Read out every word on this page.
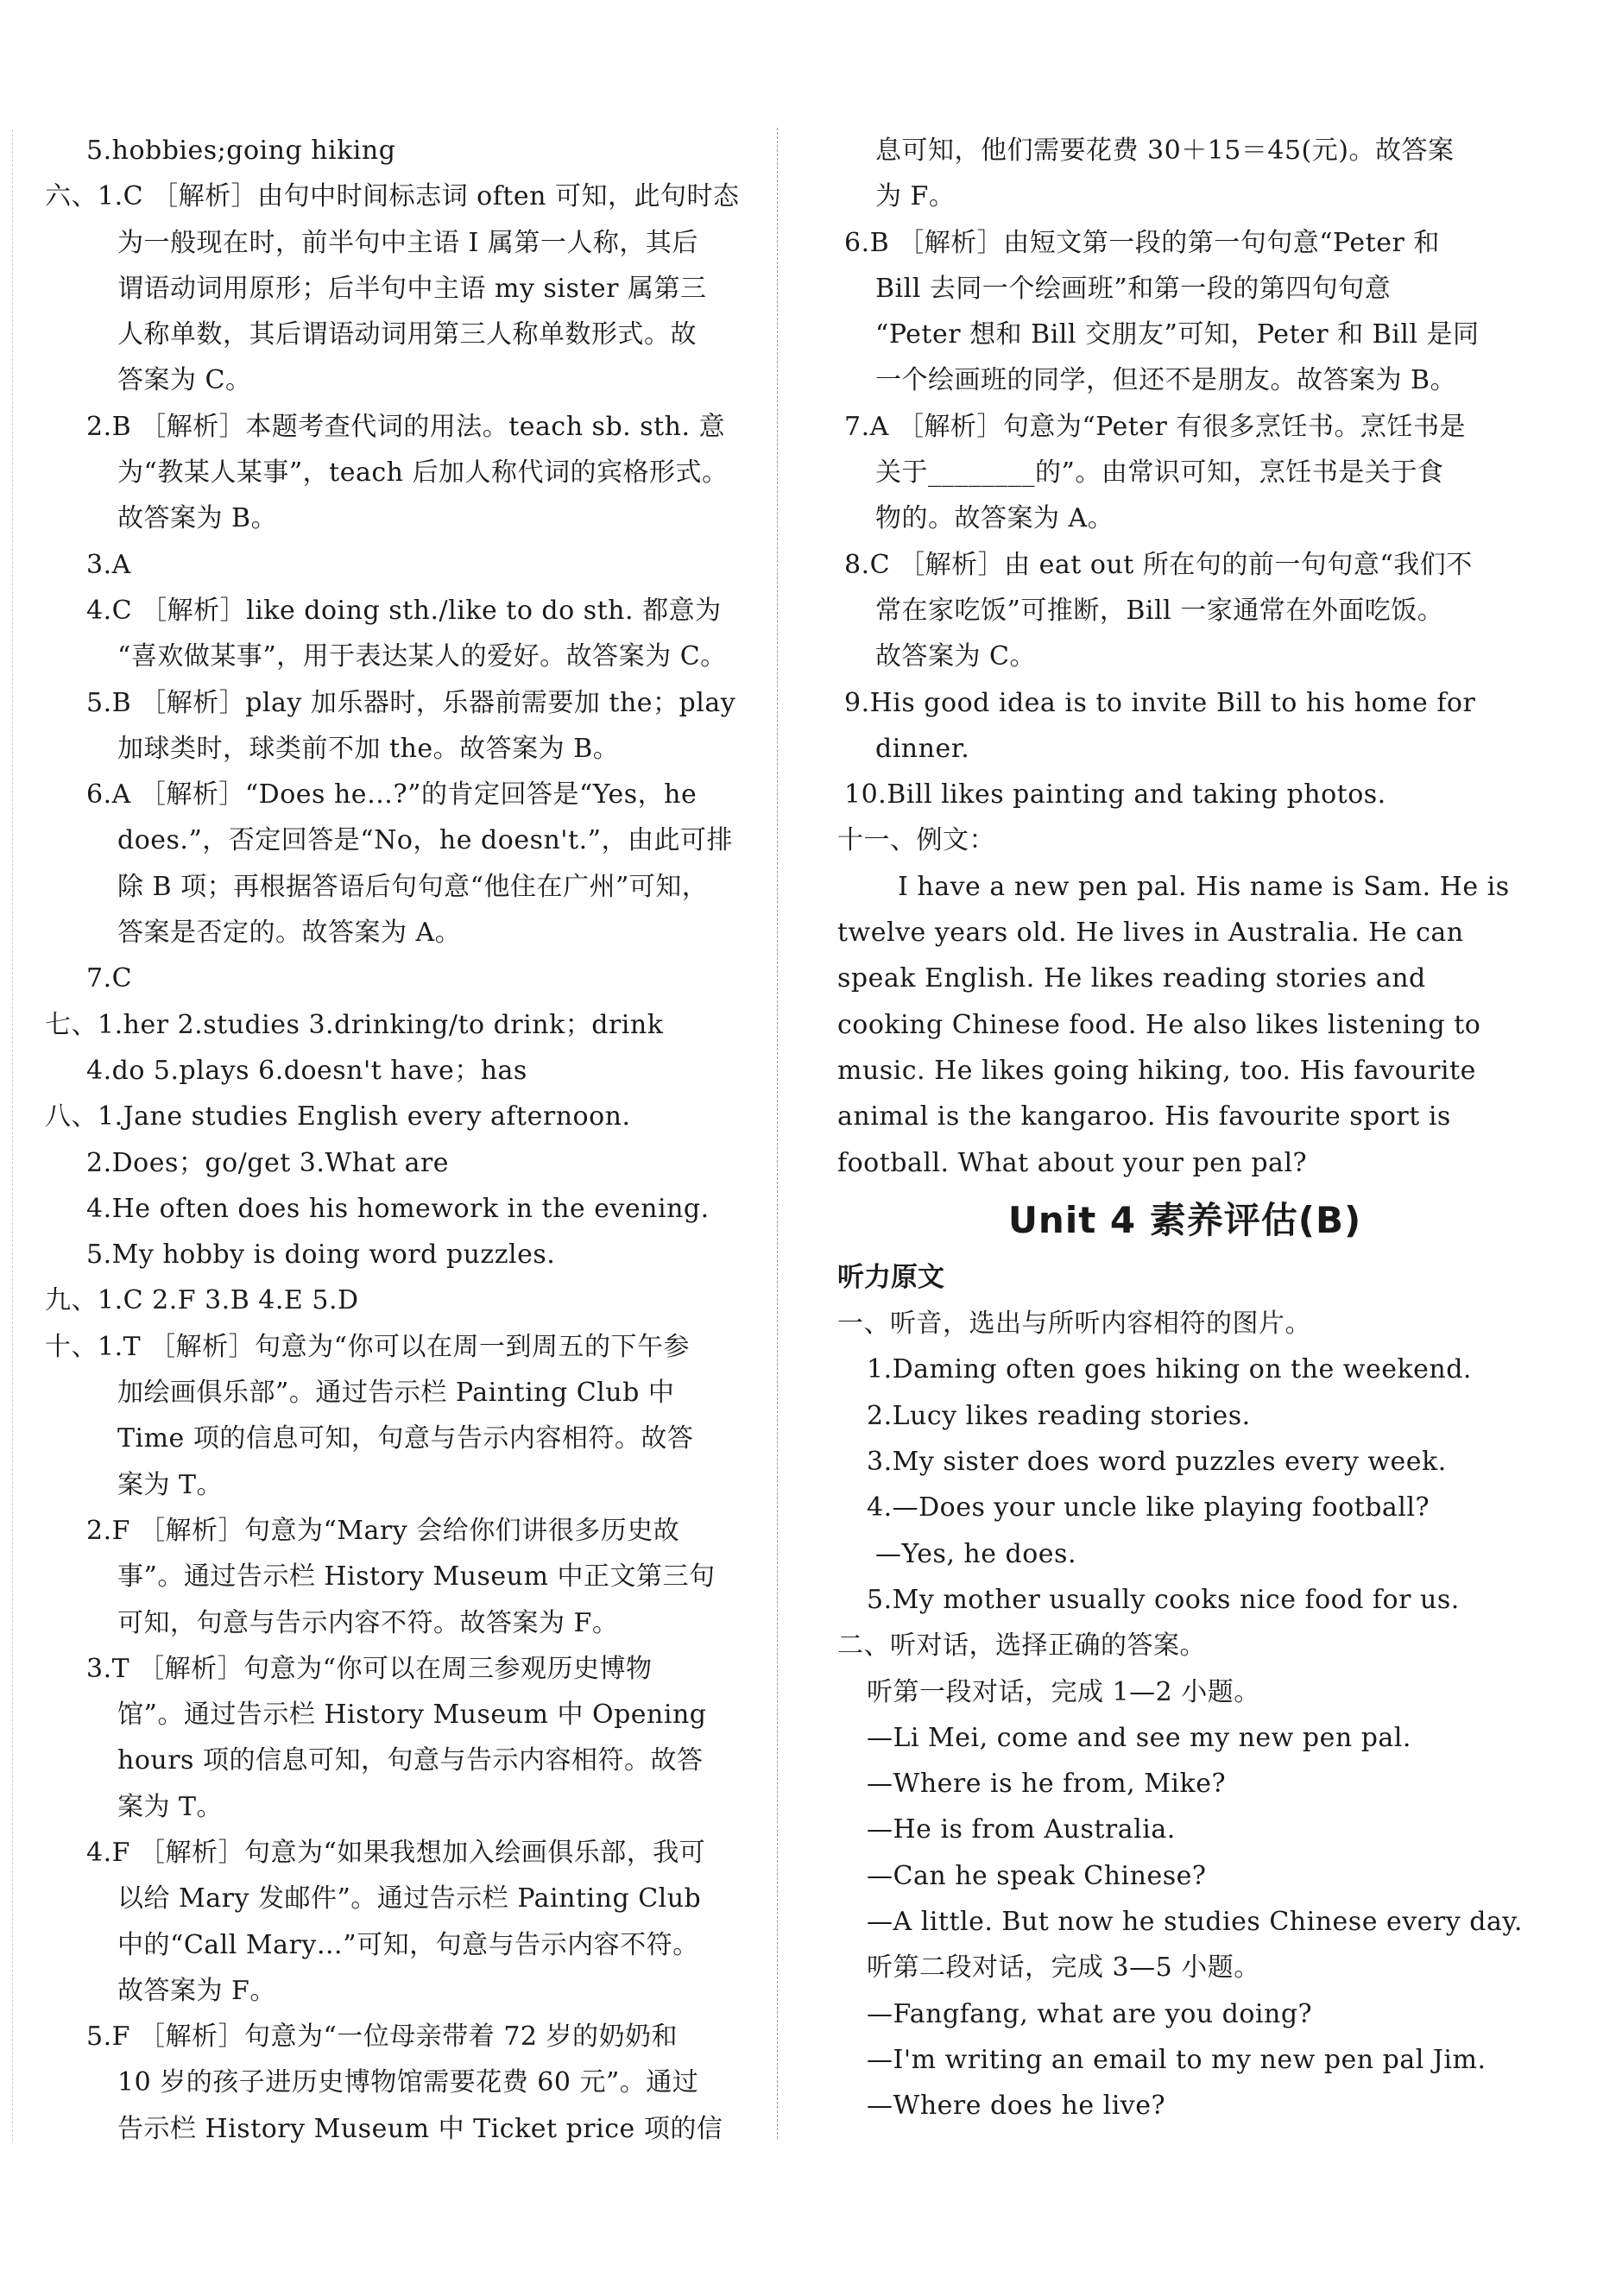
5.hobbies;going hiking
六、1.C ［解析］由句中时间标志词 often 可知，此句时态
为一般现在时，前半句中主语 I 属第一人称，其后
谓语动词用原形；后半句中主语 my sister 属第三
人称单数，其后谓语动词用第三人称单数形式。故
答案为 C。
2.B ［解析］本题考查代词的用法。teach sb. sth. 意
为“教某人某事”，teach 后加人称代词的宾格形式。
故答案为 B。
3.A
4.C ［解析］like doing sth./like to do sth. 都意为
“喜欢做某事”，用于表达某人的爱好。故答案为 C。
5.B ［解析］play 加乐器时，乐器前需要加 the；play
加球类时，球类前不加 the。故答案为 B。
6.A ［解析］“Does he…?”的肯定回答是“Yes，he
does.”，否定回答是“No，he doesn't.”，由此可排
除 B 项；再根据答语后句句意“他住在广州”可知，
答案是否定的。故答案为 A。
7.C
七、1.her 2.studies 3.drinking/to drink；drink
4.do 5.plays 6.doesn't have；has
八、1.Jane studies English every afternoon.
2.Does；go/get 3.What are
4.He often does his homework in the evening.
5.My hobby is doing word puzzles.
九、1.C 2.F 3.B 4.E 5.D
十、1.T ［解析］句意为“你可以在周一到周五的下午参
加绘画俱乐部”。通过告示栏 Painting Club 中
Time 项的信息可知，句意与告示内容相符。故答
案为 T。
2.F ［解析］句意为“Mary 会给你们讲很多历史故
事”。通过告示栏 History Museum 中正文第三句
可知，句意与告示内容不符。故答案为 F。
3.T ［解析］句意为“你可以在周三参观历史博物
馆”。通过告示栏 History Museum 中 Opening
hours 项的信息可知，句意与告示内容相符。故答
案为 T。
4.F ［解析］句意为“如果我想加入绘画俱乐部，我可
以给 Mary 发邮件”。通过告示栏 Painting Club
中的“Call Mary…”可知，句意与告示内容不符。
故答案为 F。
5.F ［解析］句意为“一位母亲带着 72 岁的奶奶和
10 岁的孩子进历史博物馆需要花费 60 元”。通过
告示栏 History Museum 中 Ticket price 项的信
息可知，他们需要花费 30＋15＝45(元)。故答案
为 F。
6.B ［解析］由短文第一段的第一句句意“Peter 和
Bill 去同一个绘画班”和第一段的第四句句意
“Peter 想和 Bill 交朋友”可知，Peter 和 Bill 是同
一个绘画班的同学，但还不是朋友。故答案为 B。
7.A ［解析］句意为“Peter 有很多烹饪书。烹饪书是
关于________的”。由常识可知，烹饪书是关于食
物的。故答案为 A。
8.C ［解析］由 eat out 所在句的前一句句意“我们不
常在家吃饭”可推断，Bill 一家通常在外面吃饭。
故答案为 C。
9.His good idea is to invite Bill to his home for
dinner.
10.Bill likes painting and taking photos.
十一、例文：
I have a new pen pal. His name is Sam. He is
twelve years old. He lives in Australia. He can
speak English. He likes reading stories and
cooking Chinese food. He also likes listening to
music. He likes going hiking, too. His favourite
animal is the kangaroo. His favourite sport is
football. What about your pen pal?
Unit 4 素养评估(B)
听力原文
一、听音，选出与所听内容相符的图片。
1.Daming often goes hiking on the weekend.
2.Lucy likes reading stories.
3.My sister does word puzzles every week.
4.—Does your uncle like playing football?
—Yes, he does.
5.My mother usually cooks nice food for us.
二、听对话，选择正确的答案。
听第一段对话，完成 1—2 小题。
—Li Mei, come and see my new pen pal.
—Where is he from, Mike?
—He is from Australia.
—Can he speak Chinese?
—A little. But now he studies Chinese every day.
听第二段对话，完成 3—5 小题。
—Fangfang, what are you doing?
—I'm writing an email to my new pen pal Jim.
—Where does he live?
